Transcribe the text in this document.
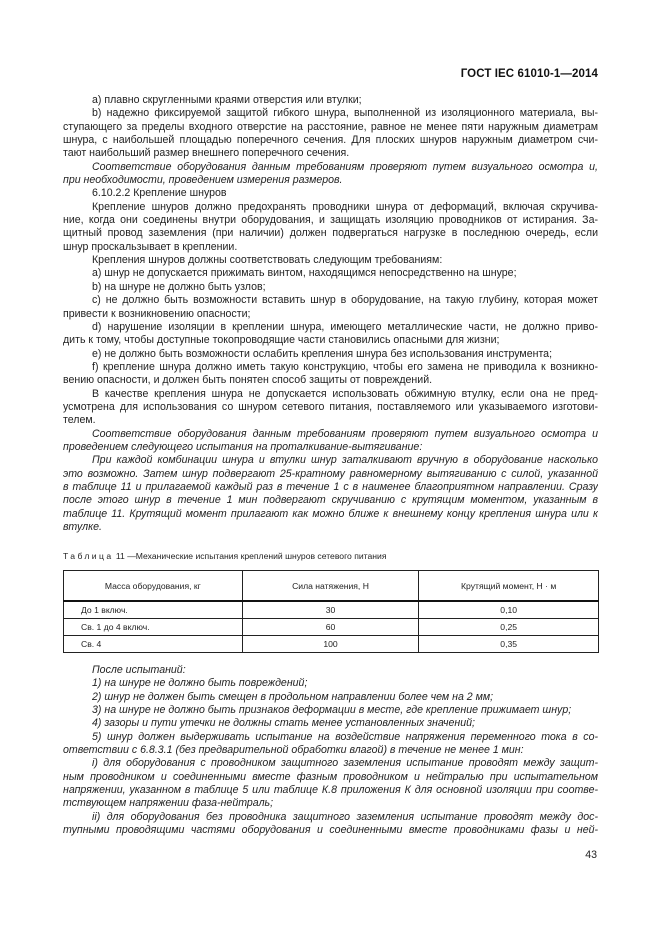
ГОСТ IEC 61010-1—2014
a) плавно скругленными краями отверстия или втулки;
b) надежно фиксируемой защитой гибкого шнура, выполненной из изоляционного материала, вы-
ступающего за пределы входного отверстие на расстояние, равное не менее пяти наружным диаметрам
шнура, с наибольшей площадью поперечного сечения. Для плоских шнуров наружным диаметром счи-
тают наибольший размер внешнего поперечного сечения.
Соответствие оборудования данным требованиям проверяют путем визуального осмотра и,
при необходимости, проведением измерения размеров.
6.10.2.2 Крепление шнуров
Крепление шнуров должно предохранять проводники шнура от деформаций, включая скручива-
ние, когда они соединены внутри оборудования, и защищать изоляцию проводников от истирания. За-
щитный провод заземления (при наличии) должен подвергаться нагрузке в последнюю очередь, если
шнур проскальзывает в креплении.
Крепления шнуров должны соответствовать следующим требованиям:
a) шнур не допускается прижимать винтом, находящимся непосредственно на шнуре;
b) на шнуре не должно быть узлов;
c) не должно быть возможности вставить шнур в оборудование, на такую глубину, которая может
привести к возникновению опасности;
d) нарушение изоляции в креплении шнура, имеющего металлические части, не должно приво-
дить к тому, чтобы доступные токопроводящие части становились опасными для жизни;
e) не должно быть возможности ослабить крепления шнура без использования инструмента;
f) крепление шнура должно иметь такую конструкцию, чтобы его замена не приводила к возникно-
вению опасности, и должен быть понятен способ защиты от повреждений.
В качестве крепления шнура не допускается использовать обжимную втулку, если она не пред-
усмотрена для использования со шнуром сетевого питания, поставляемого или указываемого изготови-
телем.
Соответствие оборудования данным требованиям проверяют путем визуального осмотра и
проведением следующего испытания на проталкивание-вытягивание:
При каждой комбинации шнура и втулки шнур заталкивают вручную в оборудование насколько
это возможно. Затем шнур подвергают 25-кратному равномерному вытягиванию с силой, указанной
в таблице 11 и прилагаемой каждый раз в течение 1 с в наименее благоприятном направлении. Сразу
после этого шнур в течение 1 мин подвергают скручиванию с крутящим моментом, указанным в
таблице 11. Крутящий момент прилагают как можно ближе к внешнему концу крепления шнура или к
втулке.
Таблица 11 —Механические испытания креплений шнуров сетевого питания
Масса оборудования, кг	Сила натяжения, Н	Крутящий момент, Н · м
До 1 включ.	30	0,10
Св. 1 до 4 включ.	60	0,25
Св. 4	100	0,35
После испытаний:
1) на шнуре не должно быть повреждений;
2) шнур не должен быть смещен в продольном направлении более чем на 2 мм;
3) на шнуре не должно быть признаков деформации в месте, где крепление прижимает шнур;
4) зазоры и пути утечки не должны стать менее установленных значений;
5) шнур должен выдерживать испытание на воздействие напряжения переменного тока в со-
ответствии с 6.8.3.1 (без предварительной обработки влагой) в течение не менее 1 мин:
i) для оборудования с проводником защитного заземления испытание проводят между защит-
ным проводником и соединенными вместе фазным проводником и нейтралью при испытательном
напряжении, указанном в таблице 5 или таблице К.8 приложения К для основной изоляции при соотве-
тствующем напряжении фаза-нейтраль;
ii) для оборудования без проводника защитного заземления испытание проводят между дос-
тупными проводящими частями оборудования и соединенными вместе проводниками фазы и ней-
43
